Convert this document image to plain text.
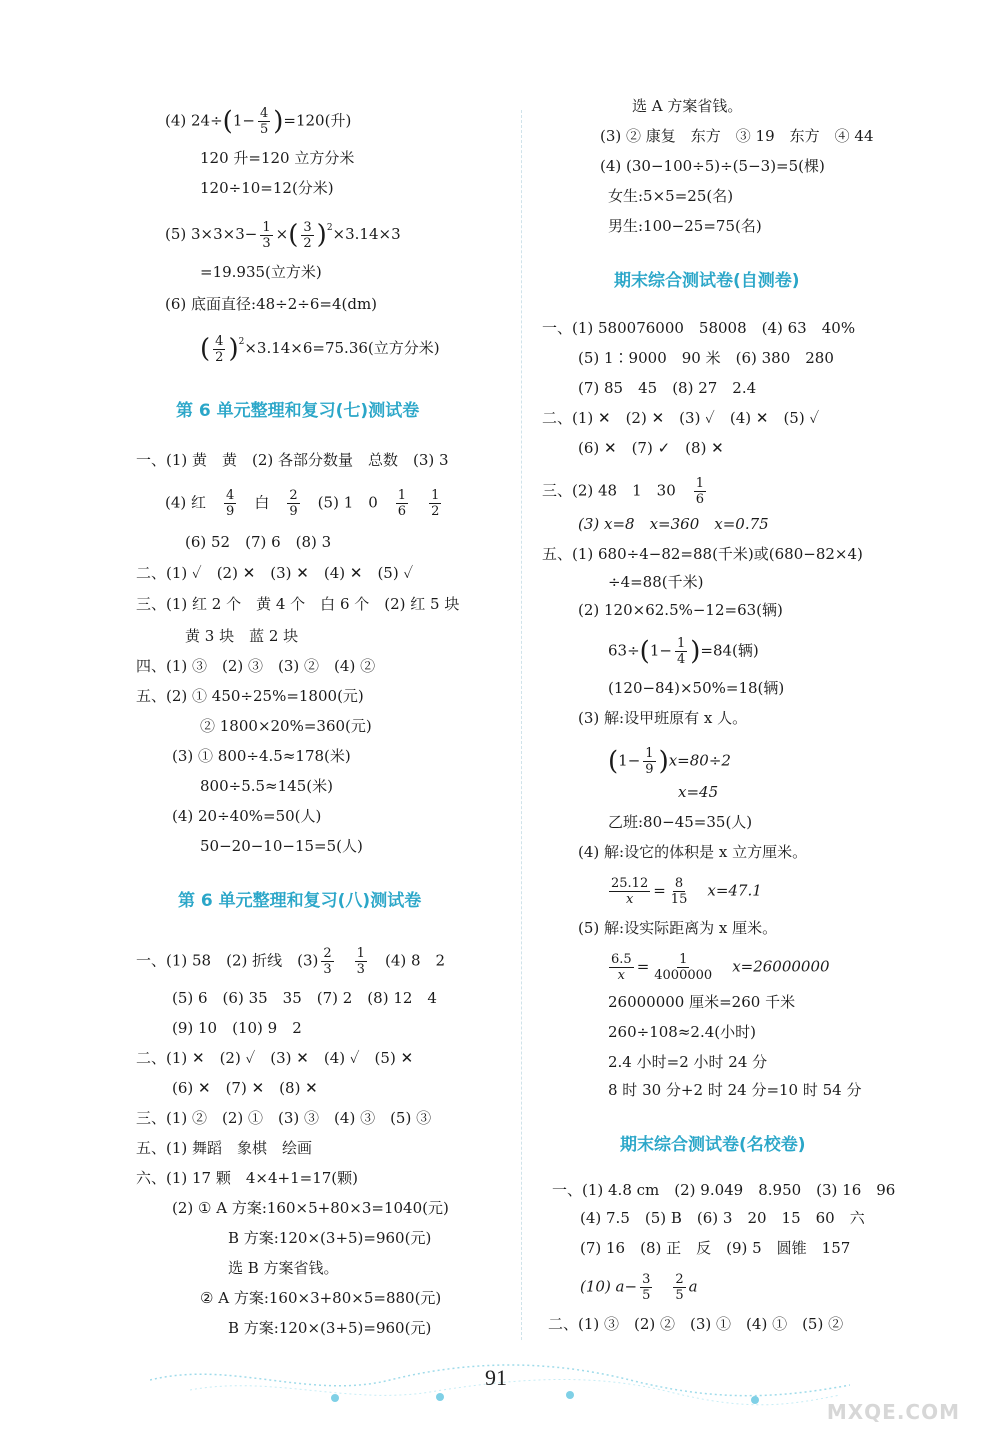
(4) $24\div(1- \frac{4}{5} )=120$(升)
120 升=120 立方分米
120÷10=12(分米)
(5) $3\times 3\times 3- \frac{1}{3}$ ×( $\frac{3}{2} )^2\times 3.14\times 3$
=19.935(立方米)
(6) 底面直径:48÷2÷6=4(dm)
( $\frac{4}{2} )^2\times 3.14\times 6=75.36$(立方分米)
第 6 单元整理和复习(七)测试卷
一、(1) 黄　黄　(2) 各部分数量　总数　(3) 3
(4) 红　 $\frac{4}{9}$
　 白　 $\frac{2}{9}$
　 (5) 1　0　 $\frac{1}{6}$
　 $\frac{1}{2}$
(6) 52　(7) 6　(8) 3
二、(1) ✓　(2) ✕　(3) ✕　(4) ✕　(5) ✓
三、(1) 红 2 个　黄 4 个　白 6 个　(2) 红 5 块
黄 3 块　蓝 2 块
四、(1) ③　(2) ③　(3) ②　(4) ②
五、(2) ① 450÷25%=1800(元)
② 1800×20%=360(元)
(3) ① 800÷4.5≈178(米)
800÷5.5≈145(米)
(4) 20÷40%=50(人)
50−20−10−15=5(人)
第 6 单元整理和复习(八)测试卷
一、(1) 58　(2) 折线　$(3) \frac{2}{3}$
　 $\frac{1}{3}$
　 (4) 8　2
(5) 6　(6) 35　35　(7) 2　(8) 12　4
(9) 10　(10) 9　2
二、(1) ✕　(2) ✓　(3) ✕　(4) ✓　(5) ✕
(6) ✕　(7) ✕　(8) ✕
三、(1) ②　(2) ①　(3) ③　(4) ③　(5) ③
五、(1) 舞蹈　象棋　绘画
六、(1) 17 颗　4×4+1=17(颗)
(2) ① A 方案:160×5+80×3=1040(元)
B 方案:120×(3+5)=960(元)
选 B 方案省钱。
② A 方案:160×3+80×5=880(元)
B 方案:120×(3+5)=960(元)
选 A 方案省钱。
(3) ② 康复　东方　③ 19　东方　④ 44
(4) (30−100÷5)÷(5−3)=5(棵)
女生:5×5=25(名)
男生:100−25=75(名)
期末综合测试卷(自测卷)
一、(1) 580076000　58008　(4) 63　40%
(5) 1∶9000　90 米　(6) 380　280
(7) 85　45　(8) 27　2.4
二、(1) ✕　(2) ✕　(3) ✓　(4) ✕　(5) ✓
(6) ✕　(7) ✓　(8) ✕
三、(2) 48　1　30　 $\frac{1}{6}$
(3) x=8　x=360　x=0.75
五、(1) 680÷4−82=88(千米)或(680−82×4)
÷4=88(千米)
(2) 120×62.5%−12=63(辆)
$63\div(1- \frac{1}{4} )=84$(辆)
(120−84)×50%=18(辆)
(3) 解:设甲班原有 x 人。
$(1- \frac{1}{9} )x=80\div 2$
x=45
乙班:80−45=35(人)
(4) 解:设它的体积是 x 立方厘米。
$\frac{25.12}{x} = \frac{8}{15}$
　 x=47.1
(5) 解:设实际距离为 x 厘米。
$\frac{6.5}{x} = \frac{1}{4000000}$
　 x=26000000
26000000 厘米=260 千米
260÷108≈2.4(小时)
2.4 小时=2 小时 24 分
8 时 30 分+2 时 24 分=10 时 54 分
期末综合测试卷(名校卷)
一、(1) 4.8 cm　(2) 9.049　8.950　(3) 16　96
(4) 7.5　(5) B　(6) 3　20　15　60　六
(7) 16　(8) 正　反　(9) 5　圆锥　157
(10) $a- \frac{3}{5}$
　 $\frac{2}{5}$ a
二、(1) ③　(2) ②　(3) ①　(4) ①　(5) ②
91
MXQE.COM
